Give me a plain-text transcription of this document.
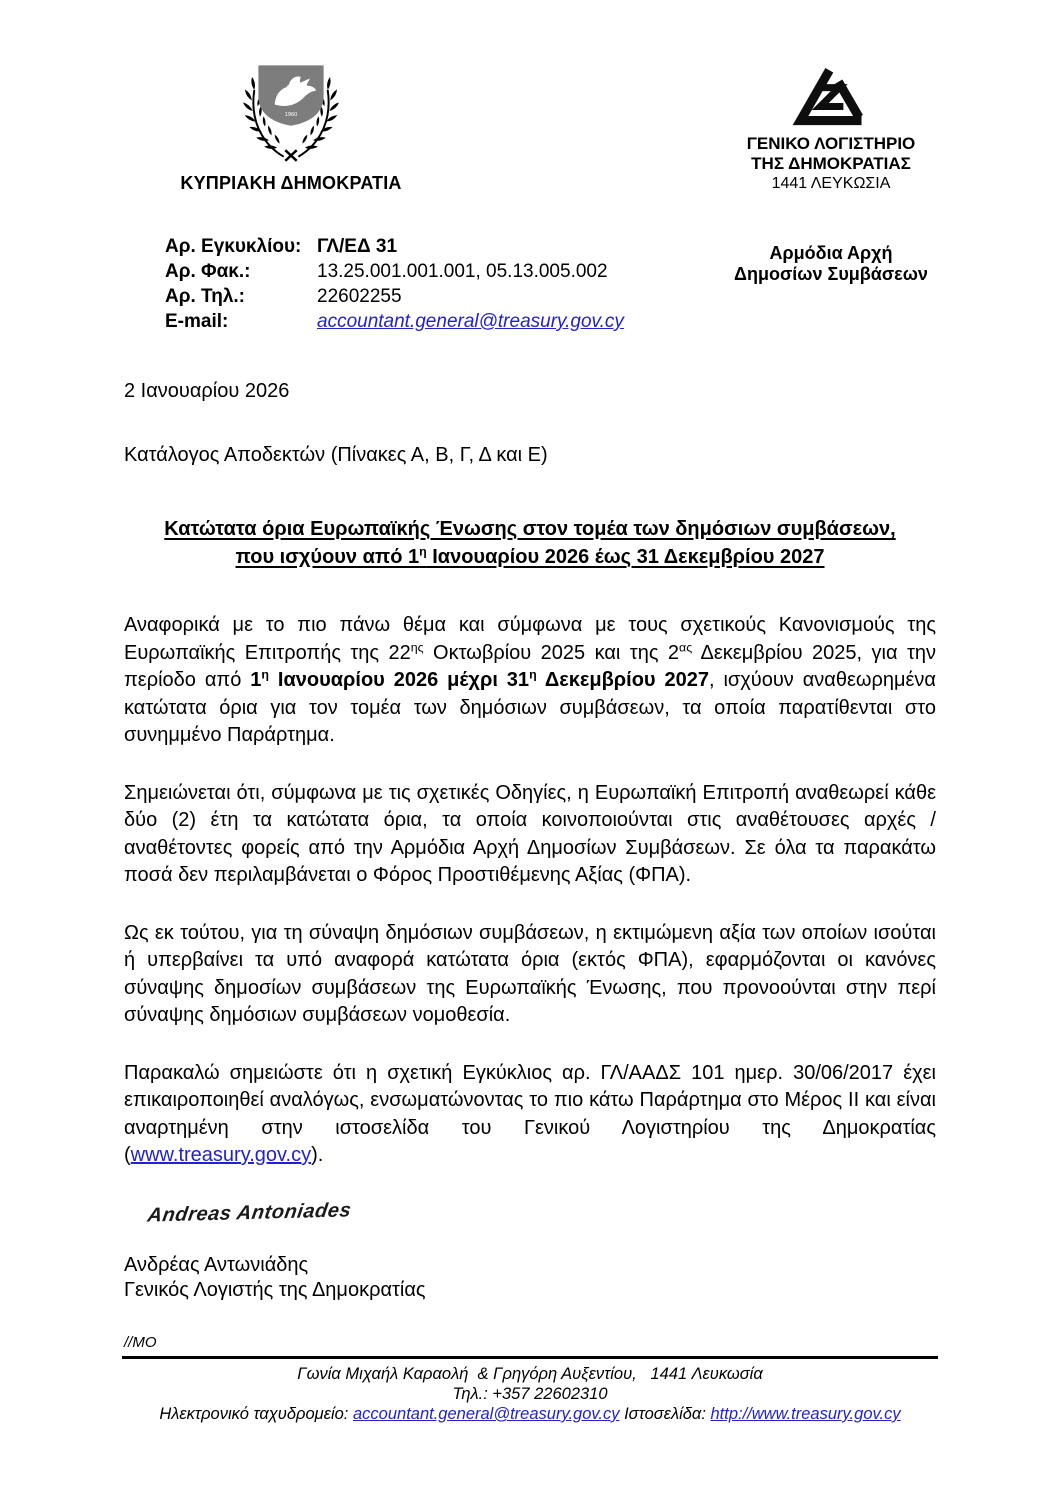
1960
ΚΥΠΡΙΑΚΗ ΔΗΜΟΚΡΑΤΙΑ
ΓΕΝΙΚΟ ΛΟΓΙΣΤΗΡΙΟ
ΤΗΣ ΔΗΜΟΚΡΑΤΙΑΣ
1441 ΛΕΥΚΩΣΙΑ
Αρ. Εγκυκλίου: ΓΛ/ΕΔ 31
Αρ. Φακ.:	13.25.001.001.001, 05.13.005.002
Αρ. Τηλ.:	22602255
E-mail:	accountant.general@treasury.gov.cy
Αρμόδια Αρχή
Δημοσίων Συμβάσεων
2 Ιανουαρίου 2026
Κατάλογος Αποδεκτών (Πίνακες Α, Β, Γ, Δ και Ε)
Κατώτατα όρια Ευρωπαϊκής Ένωσης στον τομέα των δημόσιων συμβάσεων,
που ισχύουν από $1^\eta$ Ιανουαρίου 2026 έως 31 Δεκεμβρίου 2027

Αναφορικά με το πιο πάνω θέμα και σύμφωνα με τους σχετικούς Κανονισμούς της Ευρωπαϊκής Επιτροπής της $22^{\eta\varsigma}$ Οκτωβρίου 2025 και της $2^{\alpha\varsigma}$ Δεκεμβρίου 2025, για την περίοδο από $1^\eta$ Ιανουαρίου 2026 μέχρι $31^\eta$ Δεκεμβρίου 2027, ισχύουν αναθεωρημένα κατώτατα όρια για τον τομέα των δημόσιων συμβάσεων, τα οποία παρατίθενται στο συνημμένο Παράρτημα.

Σημειώνεται ότι, σύμφωνα με τις σχετικές Οδηγίες, η Ευρωπαϊκή Επιτροπή αναθεωρεί κάθε δύο (2) έτη τα κατώτατα όρια, τα οποία κοινοποιούνται στις αναθέτουσες αρχές / αναθέτοντες φορείς από την Αρμόδια Αρχή Δημοσίων Συμβάσεων. Σε όλα τα παρακάτω ποσά δεν περιλαμβάνεται ο Φόρος Προστιθέμενης Αξίας (ΦΠΑ).

Ως εκ τούτου, για τη σύναψη δημόσιων συμβάσεων, η εκτιμώμενη αξία των οποίων ισούται ή υπερβαίνει τα υπό αναφορά κατώτατα όρια (εκτός ΦΠΑ), εφαρμόζονται οι κανόνες σύναψης δημοσίων συμβάσεων της Ευρωπαϊκής Ένωσης, που προνοούνται στην περί σύναψης δημόσιων συμβάσεων νομοθεσία.

Παρακαλώ σημειώστε ότι η σχετική Εγκύκλιος αρ. ΓΛ/ΑΑΔΣ 101 ημερ. 30/06/2017 έχει επικαιροποιηθεί αναλόγως, ενσωματώνοντας το πιο κάτω Παράρτημα στο Μέρος ΙΙ και είναι αναρτημένη στην ιστοσελίδα του Γενικού Λογιστηρίου της Δημοκρατίας (www.treasury.gov.cy).

Andreas Antoniades
Ανδρέας Αντωνιάδης
Γενικός Λογιστής της Δημοκρατίας
//ΜΟ
Γωνία Μιχαήλ Καραολή  & Γρηγόρη Αυξεντίου,   1441 Λευκωσία
Τηλ.: +357 22602310
Ηλεκτρονικό ταχυδρομείο: accountant.general@treasury.gov.cy Ιστοσελίδα: http://www.treasury.gov.cy
